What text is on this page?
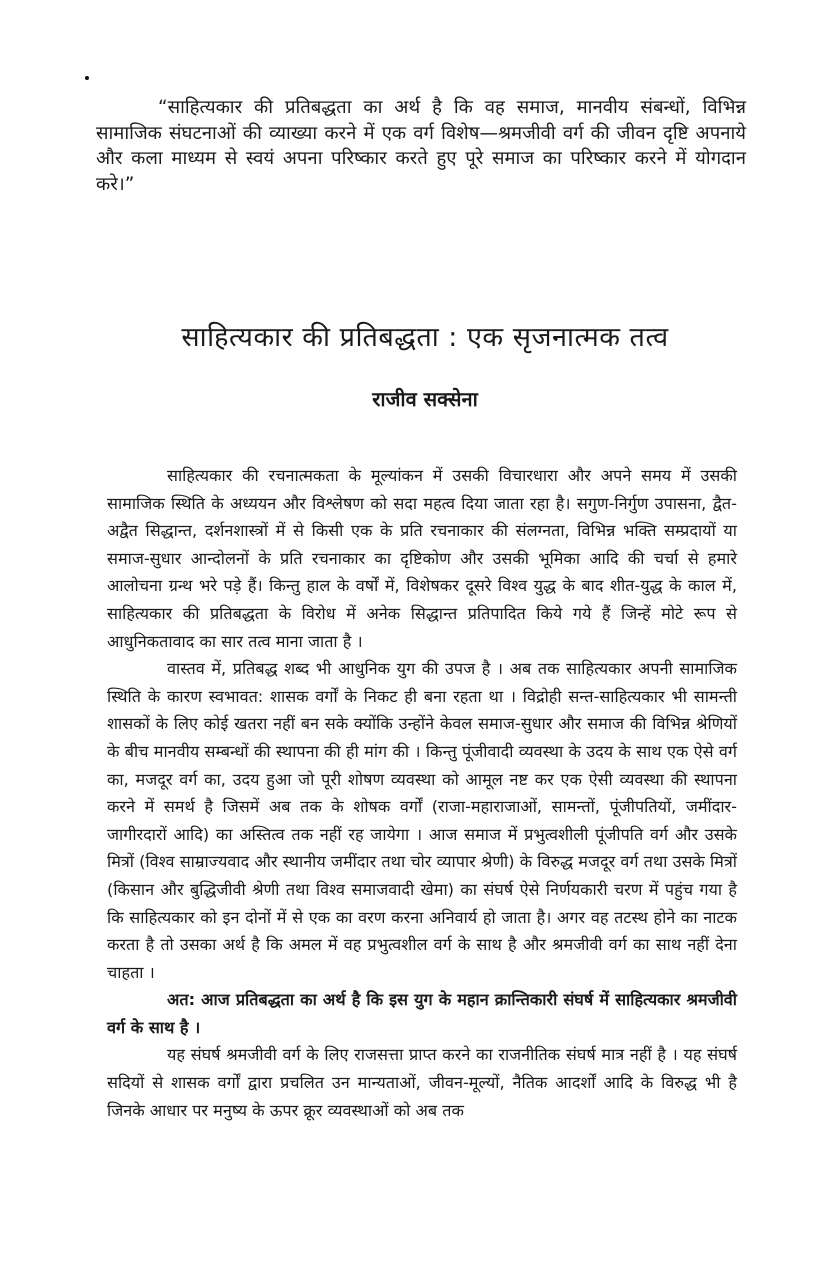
“साहित्यकार की प्रतिबद्धता का अर्थ है कि वह समाज, मानवीय संबन्धों, विभिन्न सामाजिक संघटनाओं की व्याख्या करने में एक वर्ग विशेष—श्रमजीवी वर्ग की जीवन दृष्टि अपनाये और कला माध्यम से स्वयं अपना परिष्कार करते हुए पूरे समाज का परिष्कार करने में योगदान करे।”

साहित्यकार की प्रतिबद्धता : एक सृजनात्मक तत्व
राजीव सक्सेना

साहित्यकार की रचनात्मकता के मूल्यांकन में उसकी विचारधारा और अपने समय में उसकी सामाजिक स्थिति के अध्ययन और विश्लेषण को सदा महत्व दिया जाता रहा है। सगुण-निर्गुण उपासना, द्वैत-अद्वैत सिद्धान्त, दर्शनशास्त्रों में से किसी एक के प्रति रचनाकार की संलग्नता, विभिन्न भक्ति सम्प्रदायों या समाज-सुधार आन्दोलनों के प्रति रचनाकार का दृष्टिकोण और उसकी भूमिका आदि की चर्चा से हमारे आलोचना ग्रन्थ भरे पड़े हैं। किन्तु हाल के वर्षों में, विशेषकर दूसरे विश्व युद्ध के बाद शीत-युद्ध के काल में, साहित्यकार की प्रतिबद्धता के विरोध में अनेक सिद्धान्त प्रतिपादित किये गये हैं जिन्हें मोटे रूप से आधुनिकतावाद का सार तत्व माना जाता है ।

वास्तव में, प्रतिबद्ध शब्द भी आधुनिक युग की उपज है । अब तक साहित्यकार अपनी सामाजिक स्थिति के कारण स्वभावत: शासक वर्गों के निकट ही बना रहता था । विद्रोही सन्त-साहित्यकार भी सामन्ती शासकों के लिए कोई खतरा नहीं बन सके क्योंकि उन्होंने केवल समाज-सुधार और समाज की विभिन्न श्रेणियों के बीच मानवीय सम्बन्धों की स्थापना की ही मांग की । किन्तु पूंजीवादी व्यवस्था के उदय के साथ एक ऐसे वर्ग का, मजदूर वर्ग का, उदय हुआ जो पूरी शोषण व्यवस्था को आमूल नष्ट कर एक ऐसी व्यवस्था की स्थापना करने में समर्थ है जिसमें अब तक के शोषक वर्गों (राजा-महाराजाओं, सामन्तों, पूंजीपतियों, जमींदार-जागीरदारों आदि) का अस्तित्व तक नहीं रह जायेगा । आज समाज में प्रभुत्वशीली पूंजीपति वर्ग और उसके मित्रों (विश्व साम्राज्यवाद और स्थानीय जमींदार तथा चोर व्यापार श्रेणी) के विरुद्ध मजदूर वर्ग तथा उसके मित्रों (किसान और बुद्धिजीवी श्रेणी तथा विश्व समाजवादी खेमा) का संघर्ष ऐसे निर्णयकारी चरण में पहुंच गया है कि साहित्यकार को इन दोनों में से एक का वरण करना अनिवार्य हो जाता है। अगर वह तटस्थ होने का नाटक करता है तो उसका अर्थ है कि अमल में वह प्रभुत्वशील वर्ग के साथ है और श्रमजीवी वर्ग का साथ नहीं देना चाहता ।

अत: आज प्रतिबद्धता का अर्थ है कि इस युग के महान क्रान्तिकारी संघर्ष में साहित्यकार श्रमजीवी वर्ग के साथ है ।

यह संघर्ष श्रमजीवी वर्ग के लिए राजसत्ता प्राप्त करने का राजनीतिक संघर्ष मात्र नहीं है । यह संघर्ष सदियों से शासक वर्गों द्वारा प्रचलित उन मान्यताओं, जीवन-मूल्यों, नैतिक आदर्शों आदि के विरुद्ध भी है जिनके आधार पर मनुष्य के ऊपर क्रूर व्यवस्थाओं को अब तक
